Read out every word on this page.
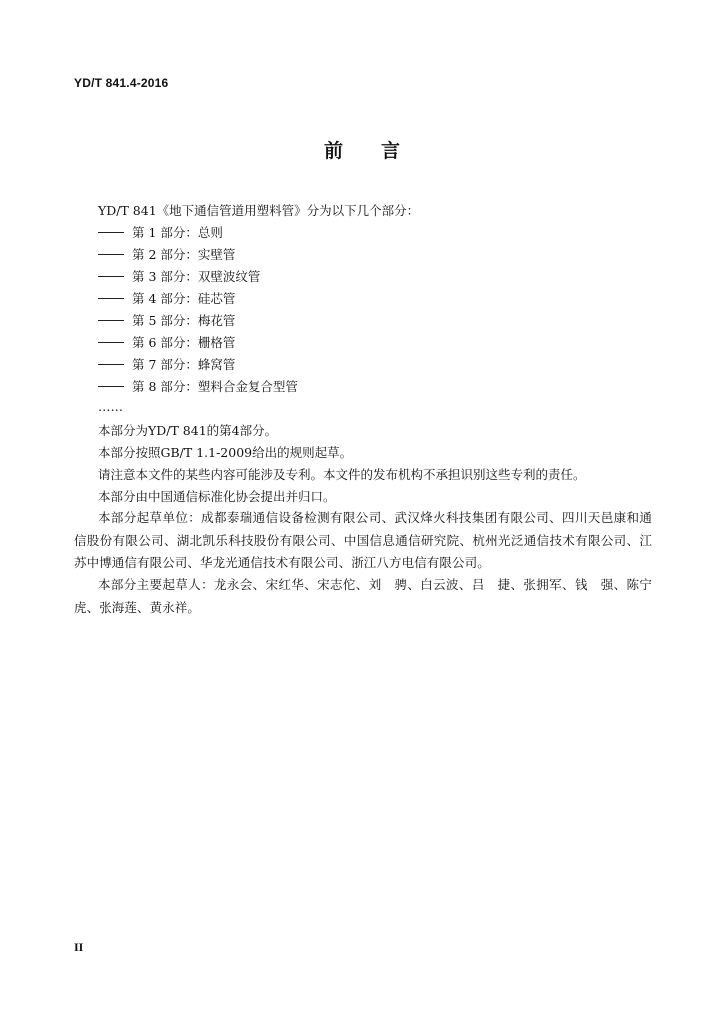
YD/T 841.4-2016
前 言
YD/T 841《地下通信管道用塑料管》分为以下几个部分：
第 1 部分：总则
第 2 部分：实壁管
第 3 部分：双壁波纹管
第 4 部分：硅芯管
第 5 部分：梅花管
第 6 部分：栅格管
第 7 部分：蜂窝管
第 8 部分：塑料合金复合型管
……
本部分为YD/T 841的第4部分。
本部分按照GB/T 1.1-2009给出的规则起草。
请注意本文件的某些内容可能涉及专利。本文件的发布机构不承担识别这些专利的责任。
本部分由中国通信标准化协会提出并归口。
本部分起草单位：成都泰瑞通信设备检测有限公司、武汉烽火科技集团有限公司、四川天邑康和通信股份有限公司、湖北凯乐科技股份有限公司、中国信息通信研究院、杭州光泛通信技术有限公司、江苏中博通信有限公司、华龙光通信技术有限公司、浙江八方电信有限公司。
本部分主要起草人：龙永会、宋红华、宋志佗、刘　骋、白云波、吕　捷、张拥军、钱　强、陈宁虎、张海莲、黄永祥。
II
